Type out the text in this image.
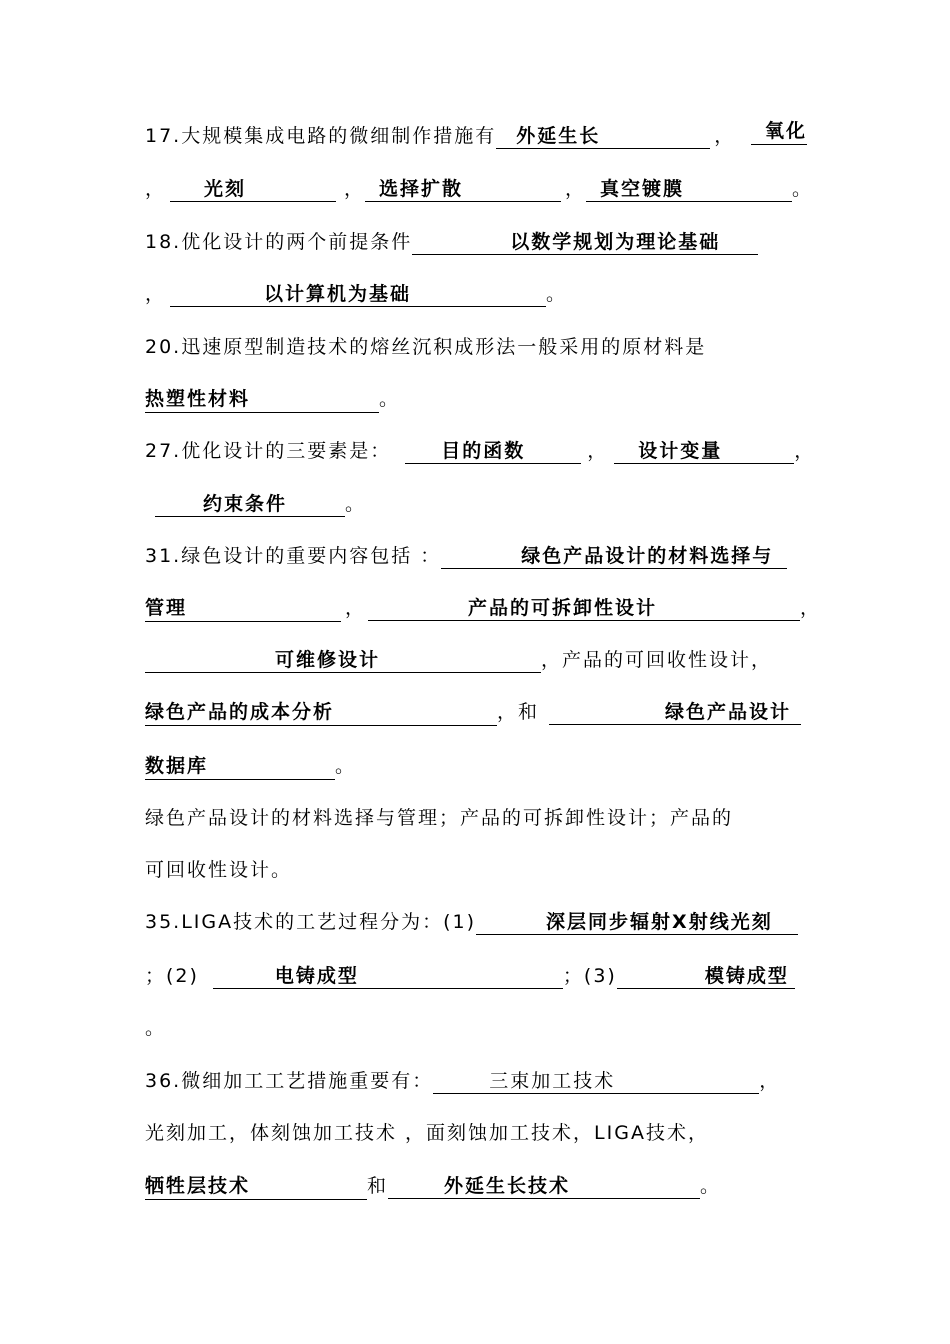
17.大规模集成电路的微细制作措施有 外延生长	，	氧化
， 光刻	， 选择扩散	， 真空镀膜	。
18.优化设计的两个前提条件	以数学规划为理论基础
，	以计算机为基础	。
20.迅速原型制造技术的熔丝沉积成形法一般采用的原材料是
热塑性材料	。
27.优化设计的三要素是：	目的函数	， 设计变量	，
约束条件	。
31.绿色设计的重要内容包括 ：	绿色产品设计的材料选择与
管理	，	产品的可拆卸性设计	，
可维修设计	，产品的可回收性设计，
绿色产品的成本分析	，和	绿色产品设计
数据库	。
绿色产品设计的材料选择与管理；产品的可拆卸性设计；产品的
可回收性设计。
35.LIGA技术的工艺过程分为：(1)	深层同步辐射X射线光刻
；(2)	电铸成型	；(3)	模铸成型
。
36.微细加工工艺措施重要有：	三束加工技术	，
光刻加工，体刻蚀加工技术 ，面刻蚀加工技术，LIGA技术，
牺牲层技术	和	外延生长技术	。
